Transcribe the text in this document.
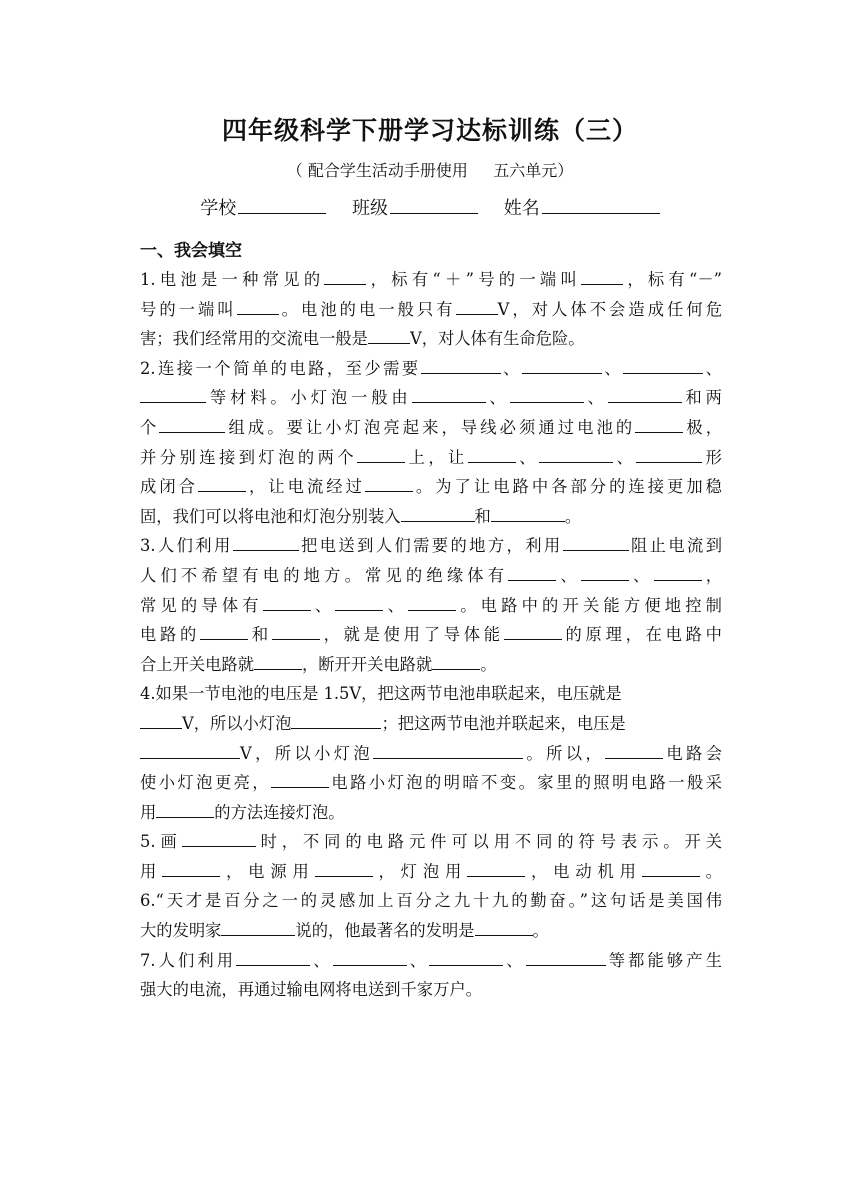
四年级科学下册学习达标训练（三）
（ 配合学生活动手册使用     五六单元）
学校	班级	姓名
一、我会填空
1.电池是一种常见的	，标有“＋”号的一端叫	，标有“－”
号的一端叫	。电池的电一般只有	V，对人体不会造成任何危
害；我们经常用的交流电一般是	V，对人体有生命危险。
2.连接一个简单的电路，至少需要	、	、	、
等材料。小灯泡一般由	、	、	和两
个	组成。要让小灯泡亮起来，导线必须通过电池的	极，
并分别连接到灯泡的两个	上，让	、	、	形
成闭合	，让电流经过	。为了让电路中各部分的连接更加稳
固，我们可以将电池和灯泡分别装入	和	。
3.人们利用	把电送到人们需要的地方，利用	阻止电流到
人们不希望有电的地方。常见的绝缘体有	、	、	，
常见的导体有	、	、	。电路中的开关能方便地控制
电路的	和	，就是使用了导体能	的原理，在电路中
合上开关电路就	，断开开关电路就	。
4.如果一节电池的电压是 1.5V，把这两节电池串联起来，电压就是
V，所以小灯泡	；把这两节电池并联起来，电压是
V，所以小灯泡	。所以，	电路会
使小灯泡更亮，	电路小灯泡的明暗不变。家里的照明电路一般采
用	的方法连接灯泡。
5.画	时，不同的电路元件可以用不同的符号表示。开关
用	，电源用	，灯泡用	，电动机用	。
6.“天才是百分之一的灵感加上百分之九十九的勤奋。”这句话是美国伟
大的发明家	说的，他最著名的发明是	。
7.人们利用	、	、	、	等都能够产生
强大的电流，再通过输电网将电送到千家万户。
